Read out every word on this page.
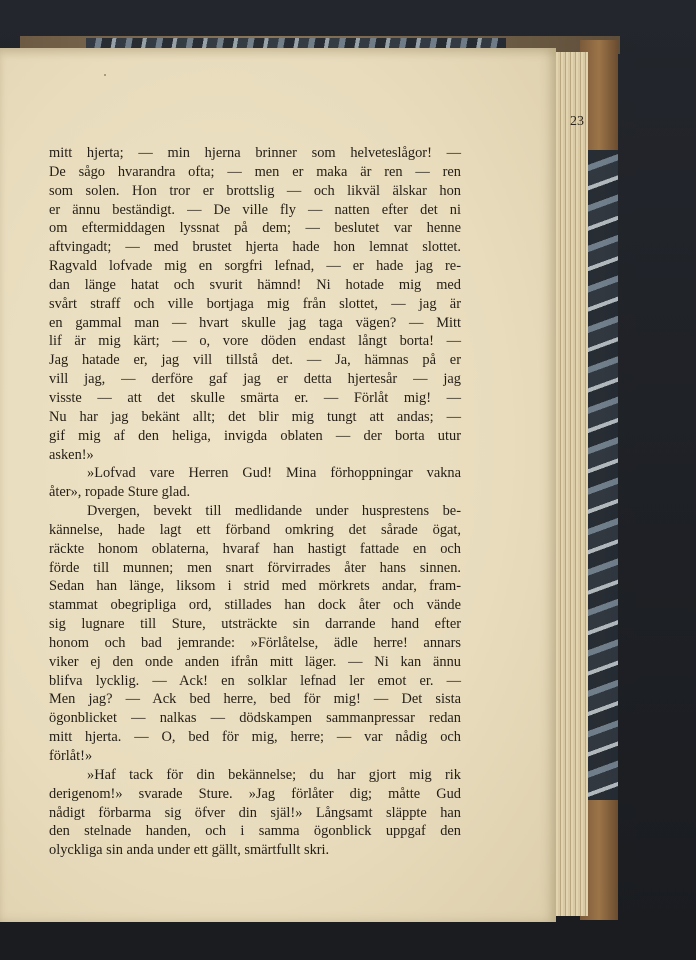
23
mitt hjerta; — min hjerna brinner som helveteslågor! —
De sågo hvarandra ofta; — men er maka är ren — ren
som solen. Hon tror er brottslig — och likväl älskar hon
er ännu beständigt. — De ville fly — natten efter det ni
om eftermiddagen lyssnat på dem; — beslutet var henne
aftvingadt; — med brustet hjerta hade hon lemnat slottet.
Ragvald lofvade mig en sorgfri lefnad, — er hade jag re-
dan länge hatat och svurit hämnd! Ni hotade mig med
svårt straff och ville bortjaga mig från slottet, — jag är
en gammal man — hvart skulle jag taga vägen? — Mitt
lif är mig kärt; — o, vore döden endast långt borta! —
Jag hatade er, jag vill tillstå det. — Ja, hämnas på er
vill jag, — derföre gaf jag er detta hjertesår — jag
visste — att det skulle smärta er. — Förlåt mig! —
Nu har jag bekänt allt; det blir mig tungt att andas; —
gif mig af den heliga, invigda oblaten — der borta utur
asken!»
»Lofvad vare Herren Gud! Mina förhoppningar vakna
åter», ropade Sture glad.
Dvergen, bevekt till medlidande under husprestens be-
kännelse, hade lagt ett förband omkring det sårade ögat,
räckte honom oblaterna, hvaraf han hastigt fattade en och
förde till munnen; men snart förvirrades åter hans sinnen.
Sedan han länge, liksom i strid med mörkrets andar, fram-
stammat obegripliga ord, stillades han dock åter och vände
sig lugnare till Sture, utsträckte sin darrande hand efter
honom och bad jemrande: »Förlåtelse, ädle herre! annars
viker ej den onde anden ifrån mitt läger. — Ni kan ännu
blifva lycklig. — Ack! en solklar lefnad ler emot er. —
Men jag? — Ack bed herre, bed för mig! — Det sista
ögonblicket — nalkas — dödskampen sammanpressar redan
mitt hjerta. — O, bed för mig, herre; — var nådig och
förlåt!»
»Haf tack för din bekännelse; du har gjort mig rik
derigenom!» svarade Sture. »Jag förlåter dig; måtte Gud
nådigt förbarma sig öfver din själ!» Långsamt släppte han
den stelnade handen, och i samma ögonblick uppgaf den
olyckliga sin anda under ett gällt, smärtfullt skri.
